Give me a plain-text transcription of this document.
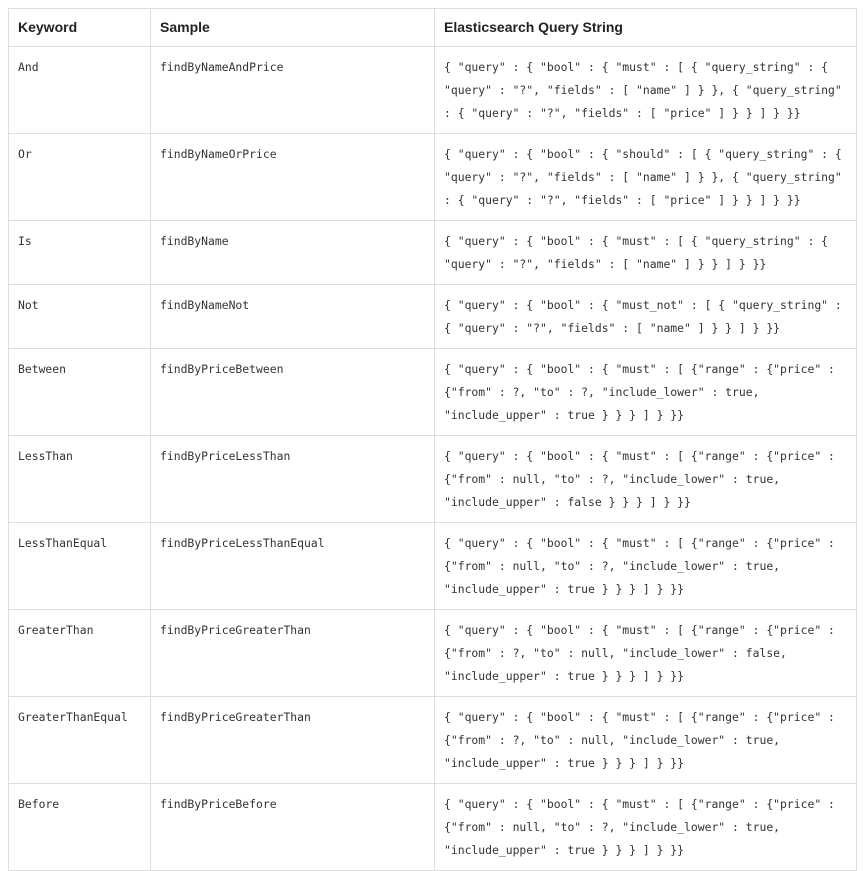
Keyword	Sample	Elasticsearch Query String
And	findByNameAndPrice	{ "query" : { "bool" : { "must" : [ { "query_string" : { "query" : "?", "fields" : [ "name" ] } }, { "query_string" : { "query" : "?", "fields" : [ "price" ] } } ] } }}
Or	findByNameOrPrice	{ "query" : { "bool" : { "should" : [ { "query_string" : { "query" : "?", "fields" : [ "name" ] } }, { "query_string" : { "query" : "?", "fields" : [ "price" ] } } ] } }}
Is	findByName	{ "query" : { "bool" : { "must" : [ { "query_string" : { "query" : "?", "fields" : [ "name" ] } } ] } }}
Not	findByNameNot	{ "query" : { "bool" : { "must_not" : [ { "query_string" : { "query" : "?", "fields" : [ "name" ] } } ] } }}
Between	findByPriceBetween	{ "query" : { "bool" : { "must" : [ {"range" : {"price" : {"from" : ?, "to" : ?, "include_lower" : true, "include_upper" : true } } } ] } }}
LessThan	findByPriceLessThan	{ "query" : { "bool" : { "must" : [ {"range" : {"price" : {"from" : null, "to" : ?, "include_lower" : true, "include_upper" : false } } } ] } }}
LessThanEqual	findByPriceLessThanEqual	{ "query" : { "bool" : { "must" : [ {"range" : {"price" : {"from" : null, "to" : ?, "include_lower" : true, "include_upper" : true } } } ] } }}
GreaterThan	findByPriceGreaterThan	{ "query" : { "bool" : { "must" : [ {"range" : {"price" : {"from" : ?, "to" : null, "include_lower" : false, "include_upper" : true } } } ] } }}
GreaterThanEqual	findByPriceGreaterThan	{ "query" : { "bool" : { "must" : [ {"range" : {"price" : {"from" : ?, "to" : null, "include_lower" : true, "include_upper" : true } } } ] } }}
Before	findByPriceBefore	{ "query" : { "bool" : { "must" : [ {"range" : {"price" : {"from" : null, "to" : ?, "include_lower" : true, "include_upper" : true } } } ] } }}
